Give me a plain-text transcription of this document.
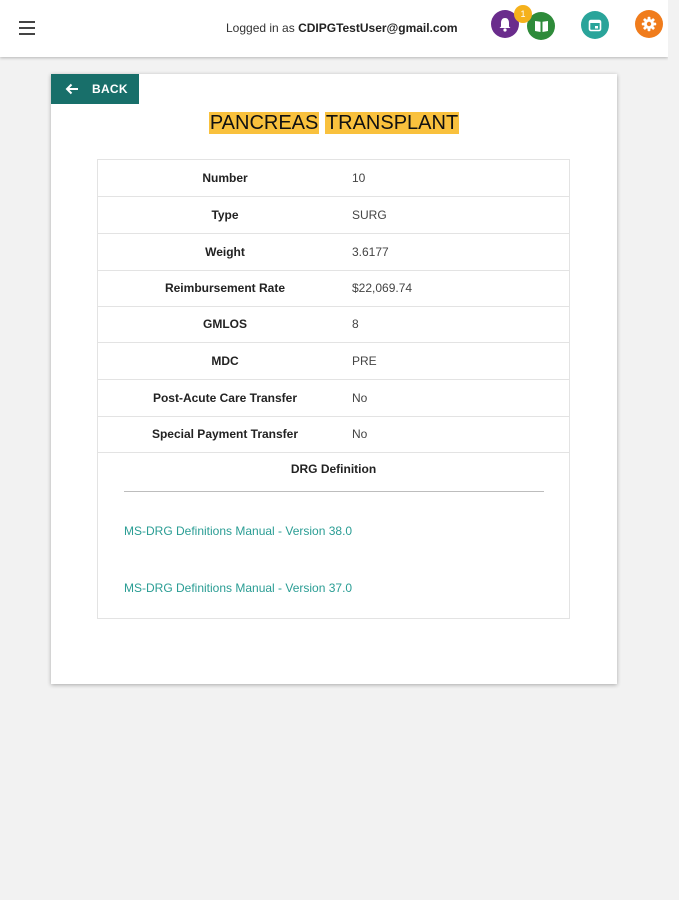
Logged in as CDIPGTestUser@gmail.com
1
BACK
PANCREAS TRANSPLANT
Number	10
Type	SURG
Weight	3.6177
Reimbursement Rate	$22,069.74
GMLOS	8
MDC	PRE
Post-Acute Care Transfer	No
Special Payment Transfer	No
DRG Definition
MS-DRG Definitions Manual - Version 38.0
MS-DRG Definitions Manual - Version 37.0
